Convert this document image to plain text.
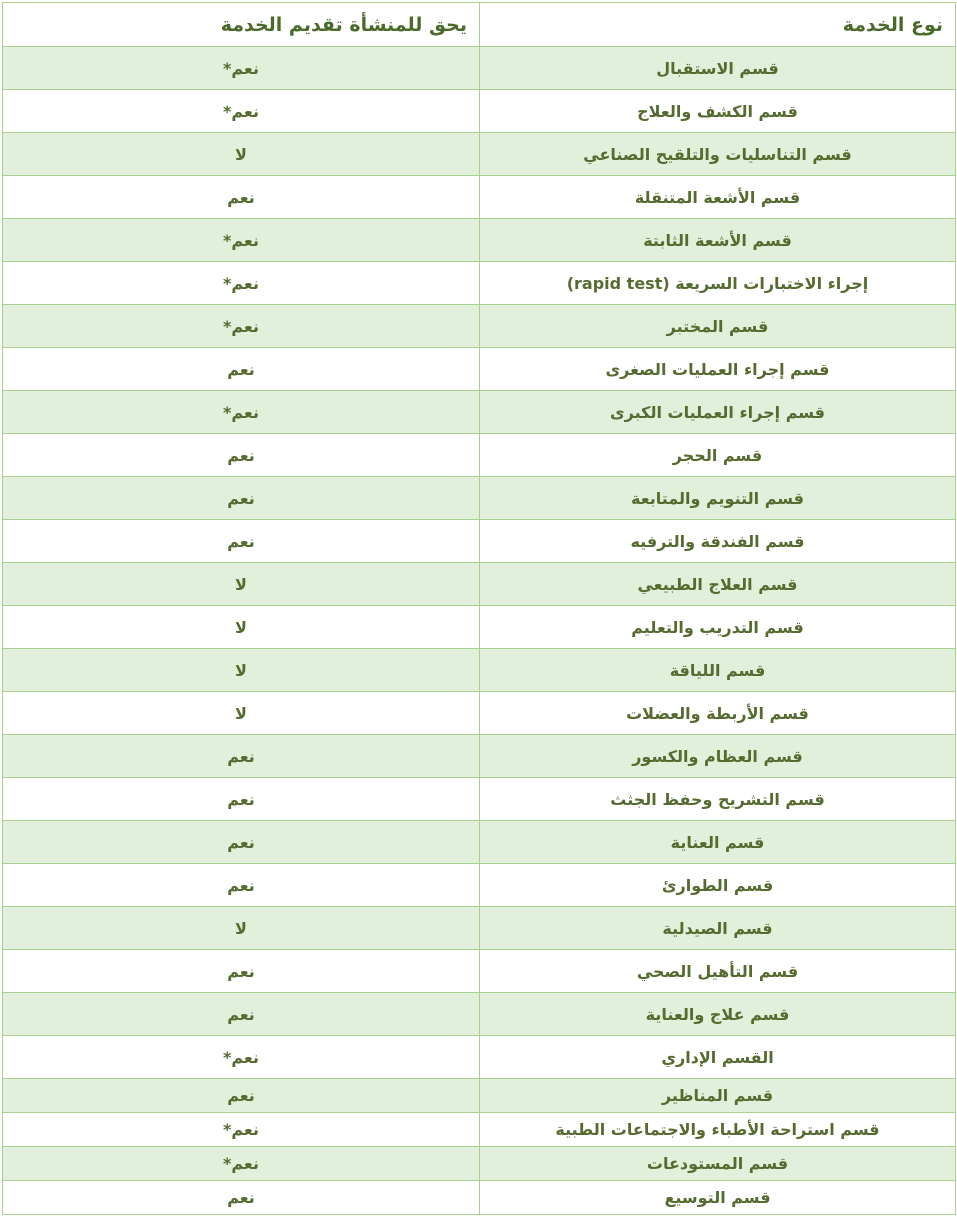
نوع الخدمة	يحق للمنشأة تقديم الخدمة
قسم الاستقبال	نعم*
قسم الكشف والعلاج	نعم*
قسم التناسليات والتلقيح الصناعي	لا
قسم الأشعة المتنقلة	نعم
قسم الأشعة الثابتة	نعم*
إجراء الاختبارات السريعة (rapid test)	نعم*
قسم المختبر	نعم*
قسم إجراء العمليات الصغرى	نعم
قسم إجراء العمليات الكبرى	نعم*
قسم الحجر	نعم
قسم التنويم والمتابعة	نعم
قسم الفندقة والترفيه	نعم
قسم العلاج الطبيعي	لا
قسم التدريب والتعليم	لا
قسم اللياقة	لا
قسم الأربطة والعضلات	لا
قسم العظام والكسور	نعم
قسم التشريح وحفظ الجثث	نعم
قسم العناية	نعم
قسم الطوارئ	نعم
قسم الصيدلية	لا
قسم التأهيل الصحي	نعم
قسم علاج والعناية	نعم
القسم الإداري	نعم*
قسم المناظير	نعم
قسم استراحة الأطباء والاجتماعات الطبية	نعم*
قسم المستودعات	نعم*
قسم التوسيع	نعم
